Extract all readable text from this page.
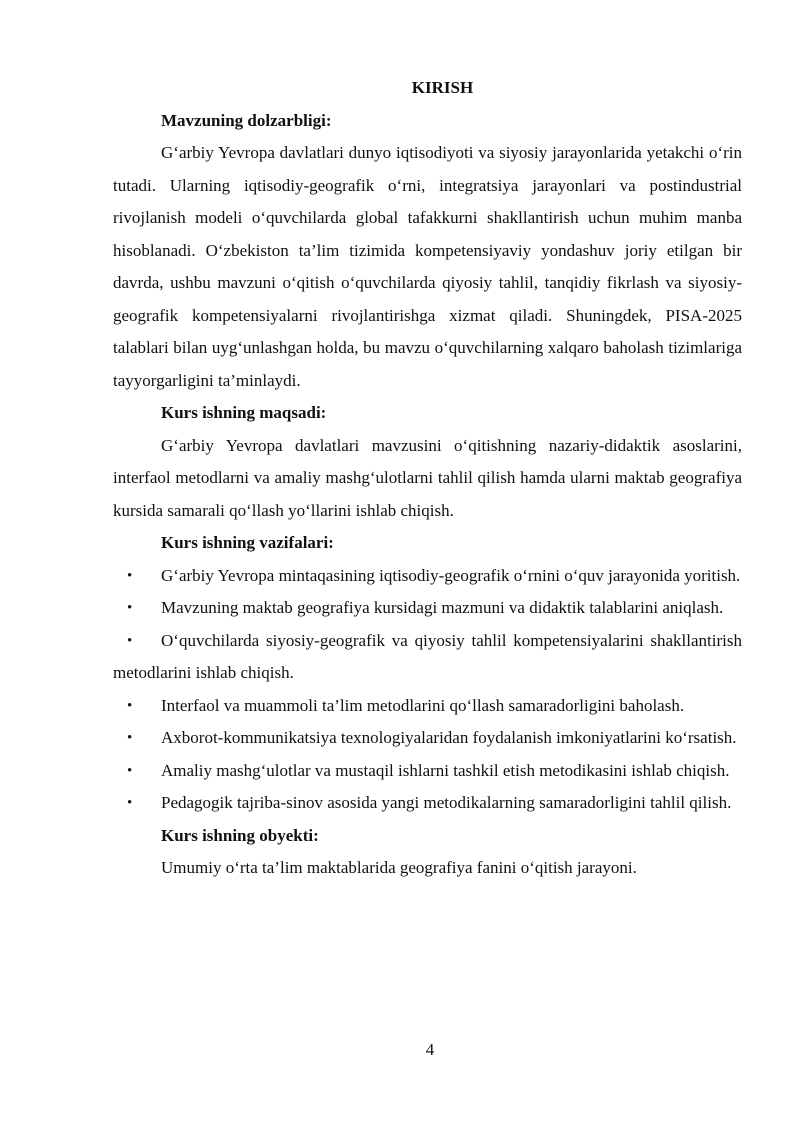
KIRISH

Mavzuning dolzarbligi:

G‘arbiy Yevropa davlatlari dunyo iqtisodiyoti va siyosiy jarayonlarida yetakchi o‘rin tutadi. Ularning iqtisodiy-geografik o‘rni, integratsiya jarayonlari va postindustrial rivojlanish modeli o‘quvchilarda global tafakkurni shakllantirish uchun muhim manba hisoblanadi. O‘zbekiston ta’lim tizimida kompetensiyaviy yondashuv joriy etilgan bir davrda, ushbu mavzuni o‘qitish o‘quvchilarda qiyosiy tahlil, tanqidiy fikrlash va siyosiy-geografik kompetensiyalarni rivojlantirishga xizmat qiladi. Shuningdek, PISA-2025 talablari bilan uyg‘unlashgan holda, bu mavzu o‘quvchilarning xalqaro baholash tizimlariga tayyorgarligini ta’minlaydi.

Kurs ishning maqsadi:

G‘arbiy Yevropa davlatlari mavzusini o‘qitishning nazariy-didaktik asoslarini, interfaol metodlarni va amaliy mashg‘ulotlarni tahlil qilish hamda ularni maktab geografiya kursida samarali qo‘llash yo‘llarini ishlab chiqish.

Kurs ishning vazifalari:

• G‘arbiy Yevropa mintaqasining iqtisodiy-geografik o‘rnini o‘quv jarayonida yoritish.
• Mavzuning maktab geografiya kursidagi mazmuni va didaktik talablarini aniqlash.
• O‘quvchilarda siyosiy-geografik va qiyosiy tahlil kompetensiyalarini shakllantirish metodlarini ishlab chiqish.
• Interfaol va muammoli ta’lim metodlarini qo‘llash samaradorligini baholash.
• Axborot-kommunikatsiya texnologiyalaridan foydalanish imkoniyatlarini ko‘rsatish.
• Amaliy mashg‘ulotlar va mustaqil ishlarni tashkil etish metodikasini ishlab chiqish.
• Pedagogik tajriba-sinov asosida yangi metodikalarning samaradorligini tahlil qilish.

Kurs ishning obyekti:

Umumiy o‘rta ta’lim maktablarida geografiya fanini o‘qitish jarayoni.

4
